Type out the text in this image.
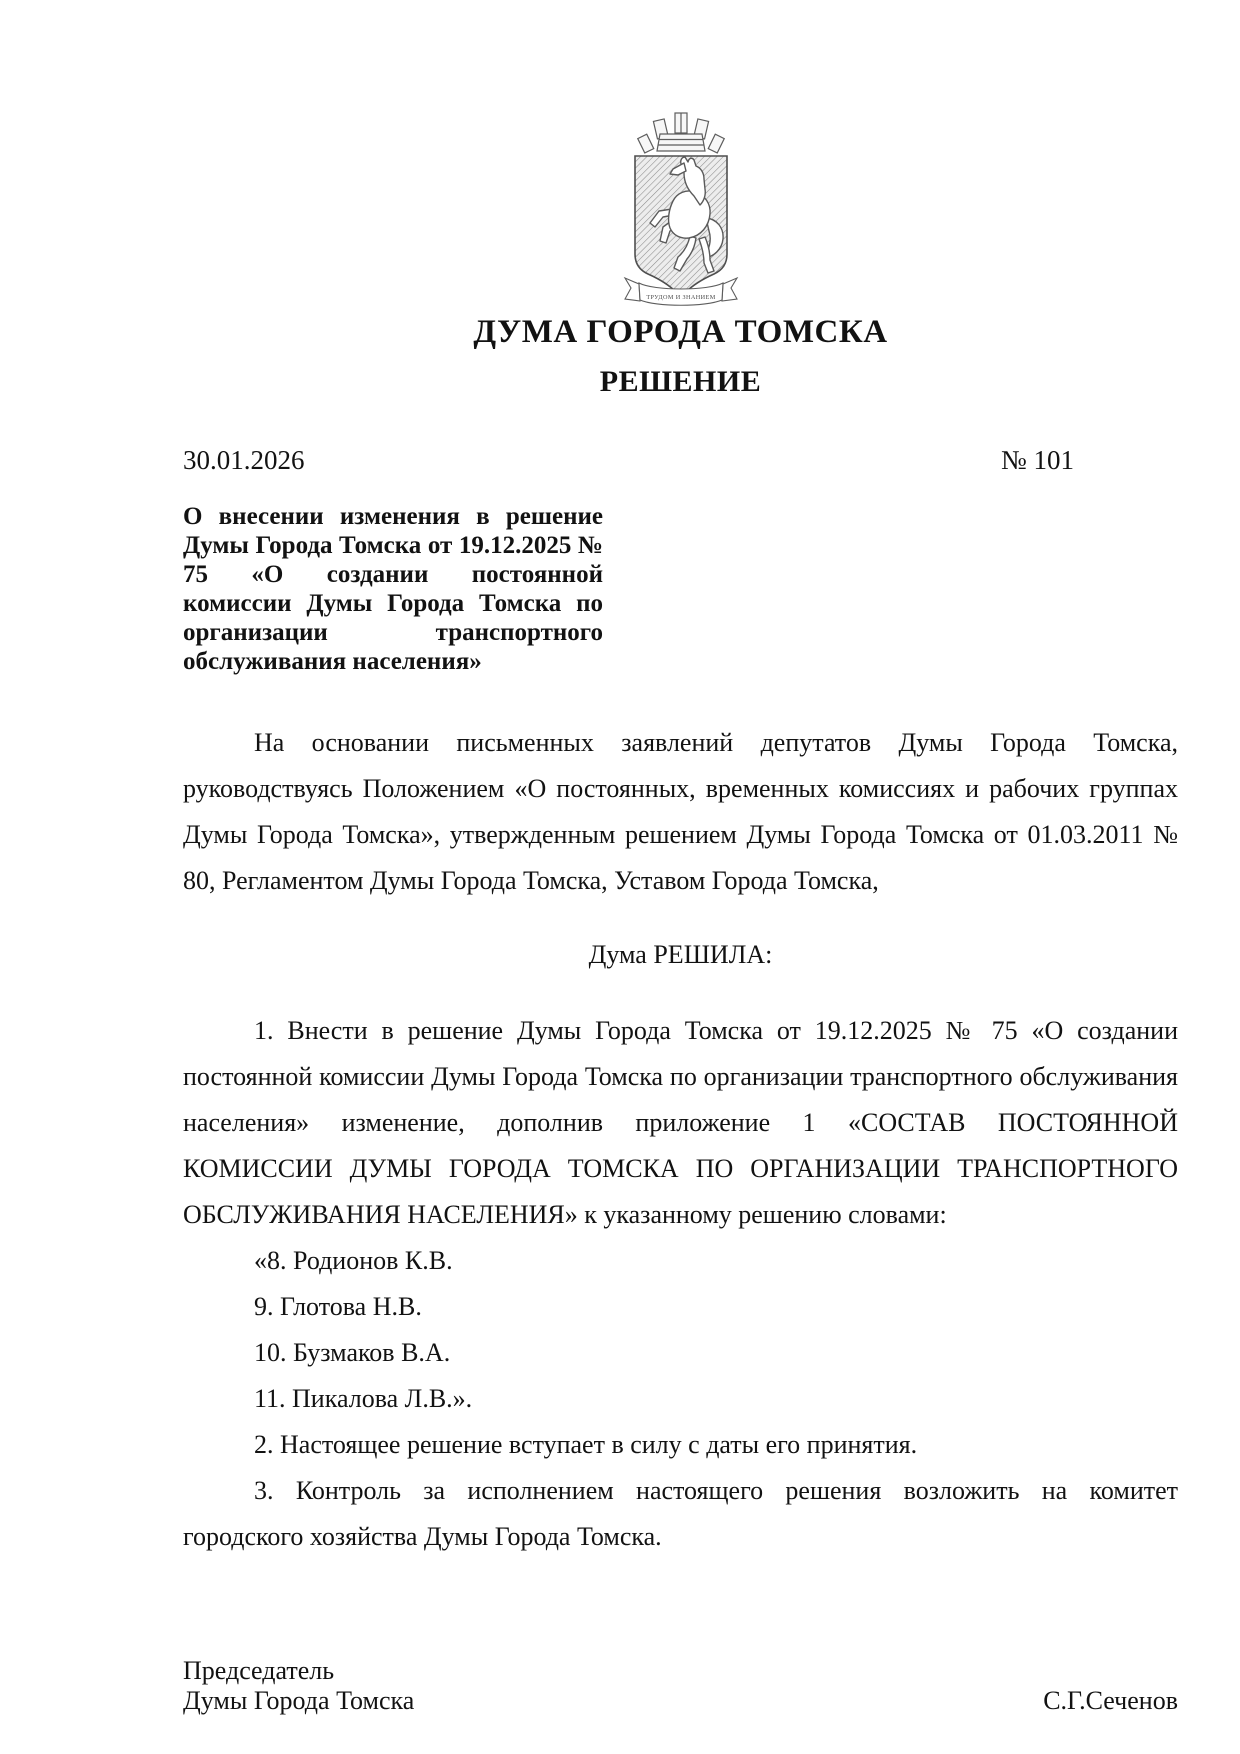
ТРУДОМ И ЗНАНИЕМ
ДУМА ГОРОДА ТОМСКА
РЕШЕНИЕ
30.01.2026	№ 101
О внесении изменения в решение Думы Города Томска от 19.12.2025 № 75 «О создании постоянной комиссии Думы Города Томска по организации транспортного обслуживания населения»

На основании письменных заявлений депутатов Думы Города Томска, руководствуясь Положением «О постоянных, временных комиссиях и рабочих группах Думы Города Томска», утвержденным решением Думы Города Томска от 01.03.2011 № 80, Регламентом Думы Города Томска, Уставом Города Томска,

Дума РЕШИЛА:

1. Внести в решение Думы Города Томска от 19.12.2025 № 75 «О создании постоянной комиссии Думы Города Томска по организации транспортного обслуживания населения» изменение, дополнив приложение 1 «СОСТАВ ПОСТОЯННОЙ КОМИССИИ ДУМЫ ГОРОДА ТОМСКА ПО ОРГАНИЗАЦИИ ТРАНСПОРТНОГО ОБСЛУЖИВАНИЯ НАСЕЛЕНИЯ» к указанному решению словами:

«8. Родионов К.В.
9. Глотова Н.В.
10. Бузмаков В.А.
11. Пикалова Л.В.».

2. Настоящее решение вступает в силу с даты его принятия.

3. Контроль за исполнением настоящего решения возложить на комитет городского хозяйства Думы Города Томска.

Председатель
Думы Города Томска	С.Г.Сеченов
